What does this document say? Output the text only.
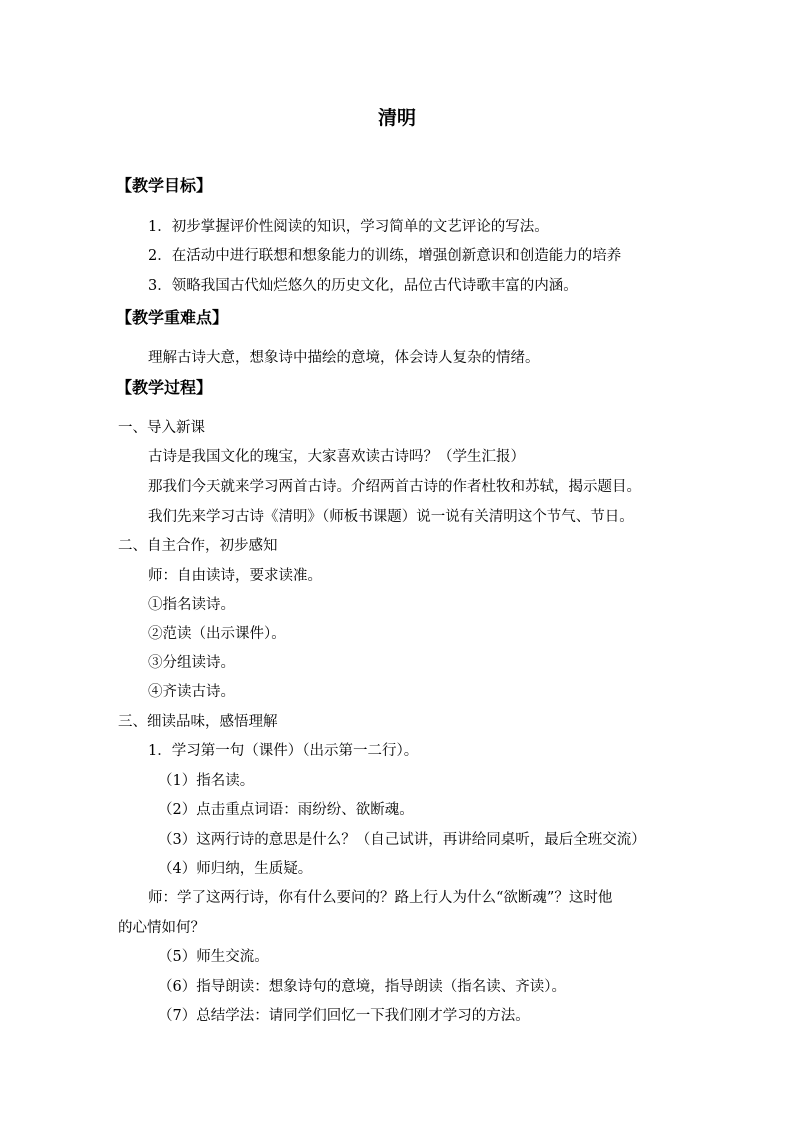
清明
【教学目标】
1．初步掌握评价性阅读的知识，学习简单的文艺评论的写法。
2．在活动中进行联想和想象能力的训练，增强创新意识和创造能力的培养
3．领略我国古代灿烂悠久的历史文化，品位古代诗歌丰富的内涵。
【教学重难点】
理解古诗大意，想象诗中描绘的意境，体会诗人复杂的情绪。
【教学过程】
一、导入新课
古诗是我国文化的瑰宝，大家喜欢读古诗吗？（学生汇报）
那我们今天就来学习两首古诗。介绍两首古诗的作者杜牧和苏轼，揭示题目。
我们先来学习古诗《清明》（师板书课题）说一说有关清明这个节气、节日。
二、自主合作，初步感知
师：自由读诗，要求读准。
①指名读诗。
②范读（出示课件）。
③分组读诗。
④齐读古诗。
三、细读品味，感悟理解
1．学习第一句（课件）（出示第一二行）。
（1）指名读。
（2）点击重点词语：雨纷纷、欲断魂。
（3）这两行诗的意思是什么？（自己试讲，再讲给同桌听，最后全班交流）
（4）师归纳，生质疑。
师：学了这两行诗，你有什么要问的？路上行人为什么“欲断魂”？这时他
的心情如何？
（5）师生交流。
（6）指导朗读：想象诗句的意境，指导朗读（指名读、齐读）。
（7）总结学法：请同学们回忆一下我们刚才学习的方法。
